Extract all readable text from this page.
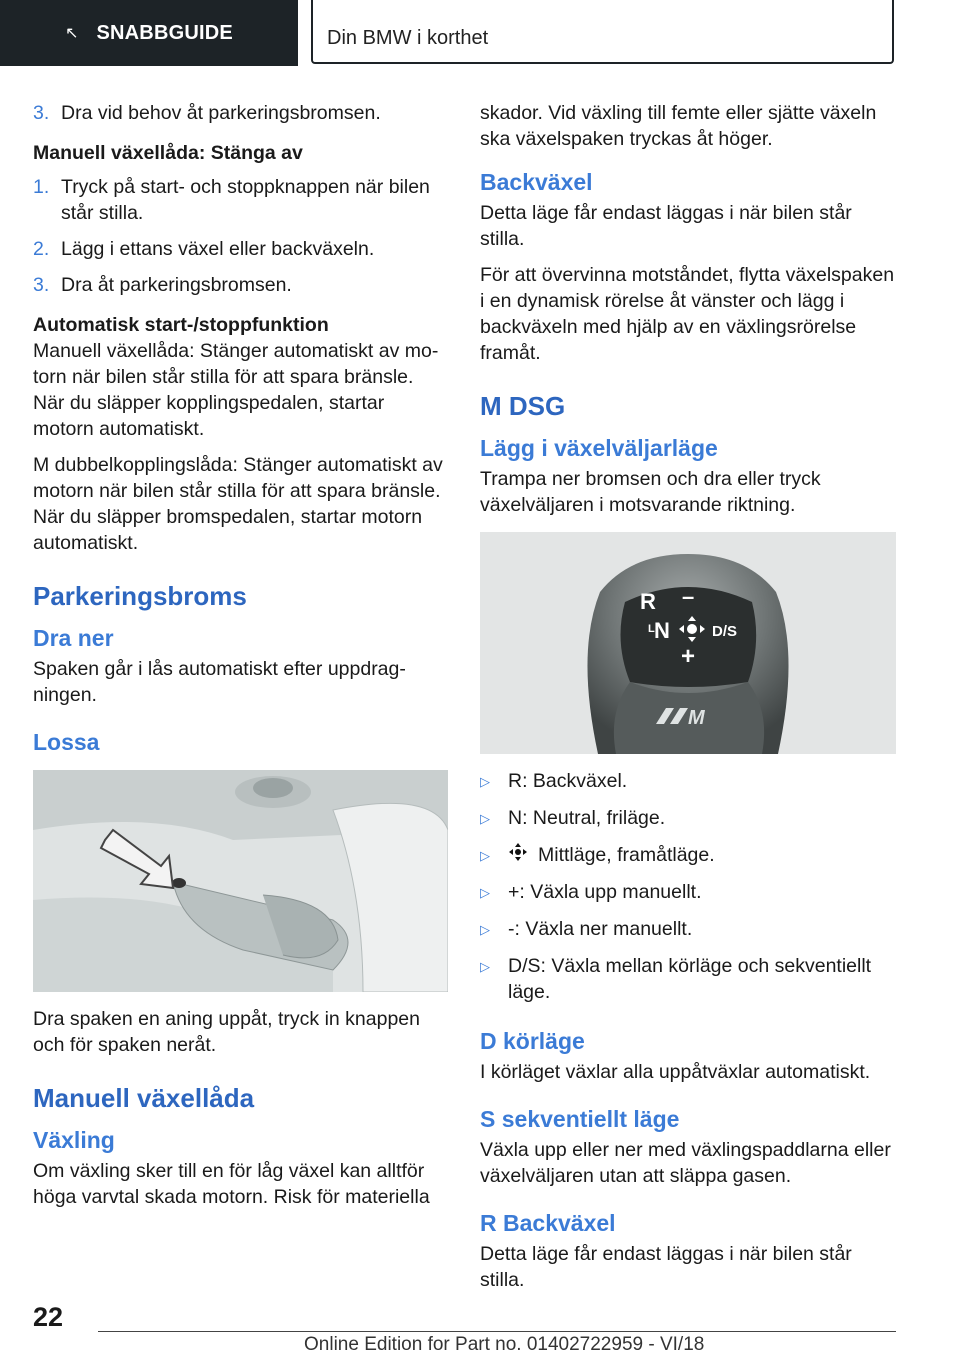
↖ SNABBGUIDE	Din BMW i korthet
3. Dra vid behov åt parkeringsbromsen.

Manuell växellåda: Stänga av

1. Tryck på start- och stoppknappen när bilen står stilla.
2. Lägg i ettans växel eller backväxeln.
3. Dra åt parkeringsbromsen.

Automatisk start-/stoppfunktion

Manuell växellåda: Stänger automatiskt av motorn när bilen står stilla för att spara bränsle. När du släpper kopplingspedalen, startar motorn automatiskt.

M dubbelkopplingslåda: Stänger automatiskt av motorn när bilen står stilla för att spara bränsle. När du släpper bromspedalen, startar motorn automatiskt.

Parkeringsbroms
Dra ner

Spaken går i lås automatiskt efter uppdragningen.

Lossa

Dra spaken en aning uppåt, tryck in knappen och för spaken neråt.

Manuell växellåda
Växling

Om växling sker till en för låg växel kan alltför höga varvtal skada motorn. Risk för materiella

skador. Vid växling till femte eller sjätte växeln ska växelspaken tryckas åt höger.

Backväxel

Detta läge får endast läggas i när bilen står stilla.

För att övervinna motståndet, flytta växelspaken i en dynamisk rörelse åt vänster och lägg i backväxeln med hjälp av en växlingsrörelse framåt.

M DSG
Lägg i växelväljarläge

Trampa ner bromsen och dra eller tryck växelväljaren i motsvarande riktning.

R –
L N	D/S
+
M
▷ R: Backväxel.
▷ N: Neutral, friläge.
▷	Mittläge, framåtläge.
▷ +: Växla upp manuellt.
▷ -: Växla ner manuellt.
▷ D/S: Växla mellan körläge och sekventiellt läge.
D körläge

I körläget växlar alla uppåtväxlar automatiskt.

S sekventiellt läge

Växla upp eller ner med växlingspaddlarna eller växelväljaren utan att släppa gasen.

R Backväxel

Detta läge får endast läggas i när bilen står stilla.

22
Online Edition for Part no. 01402722959 - VI/18
